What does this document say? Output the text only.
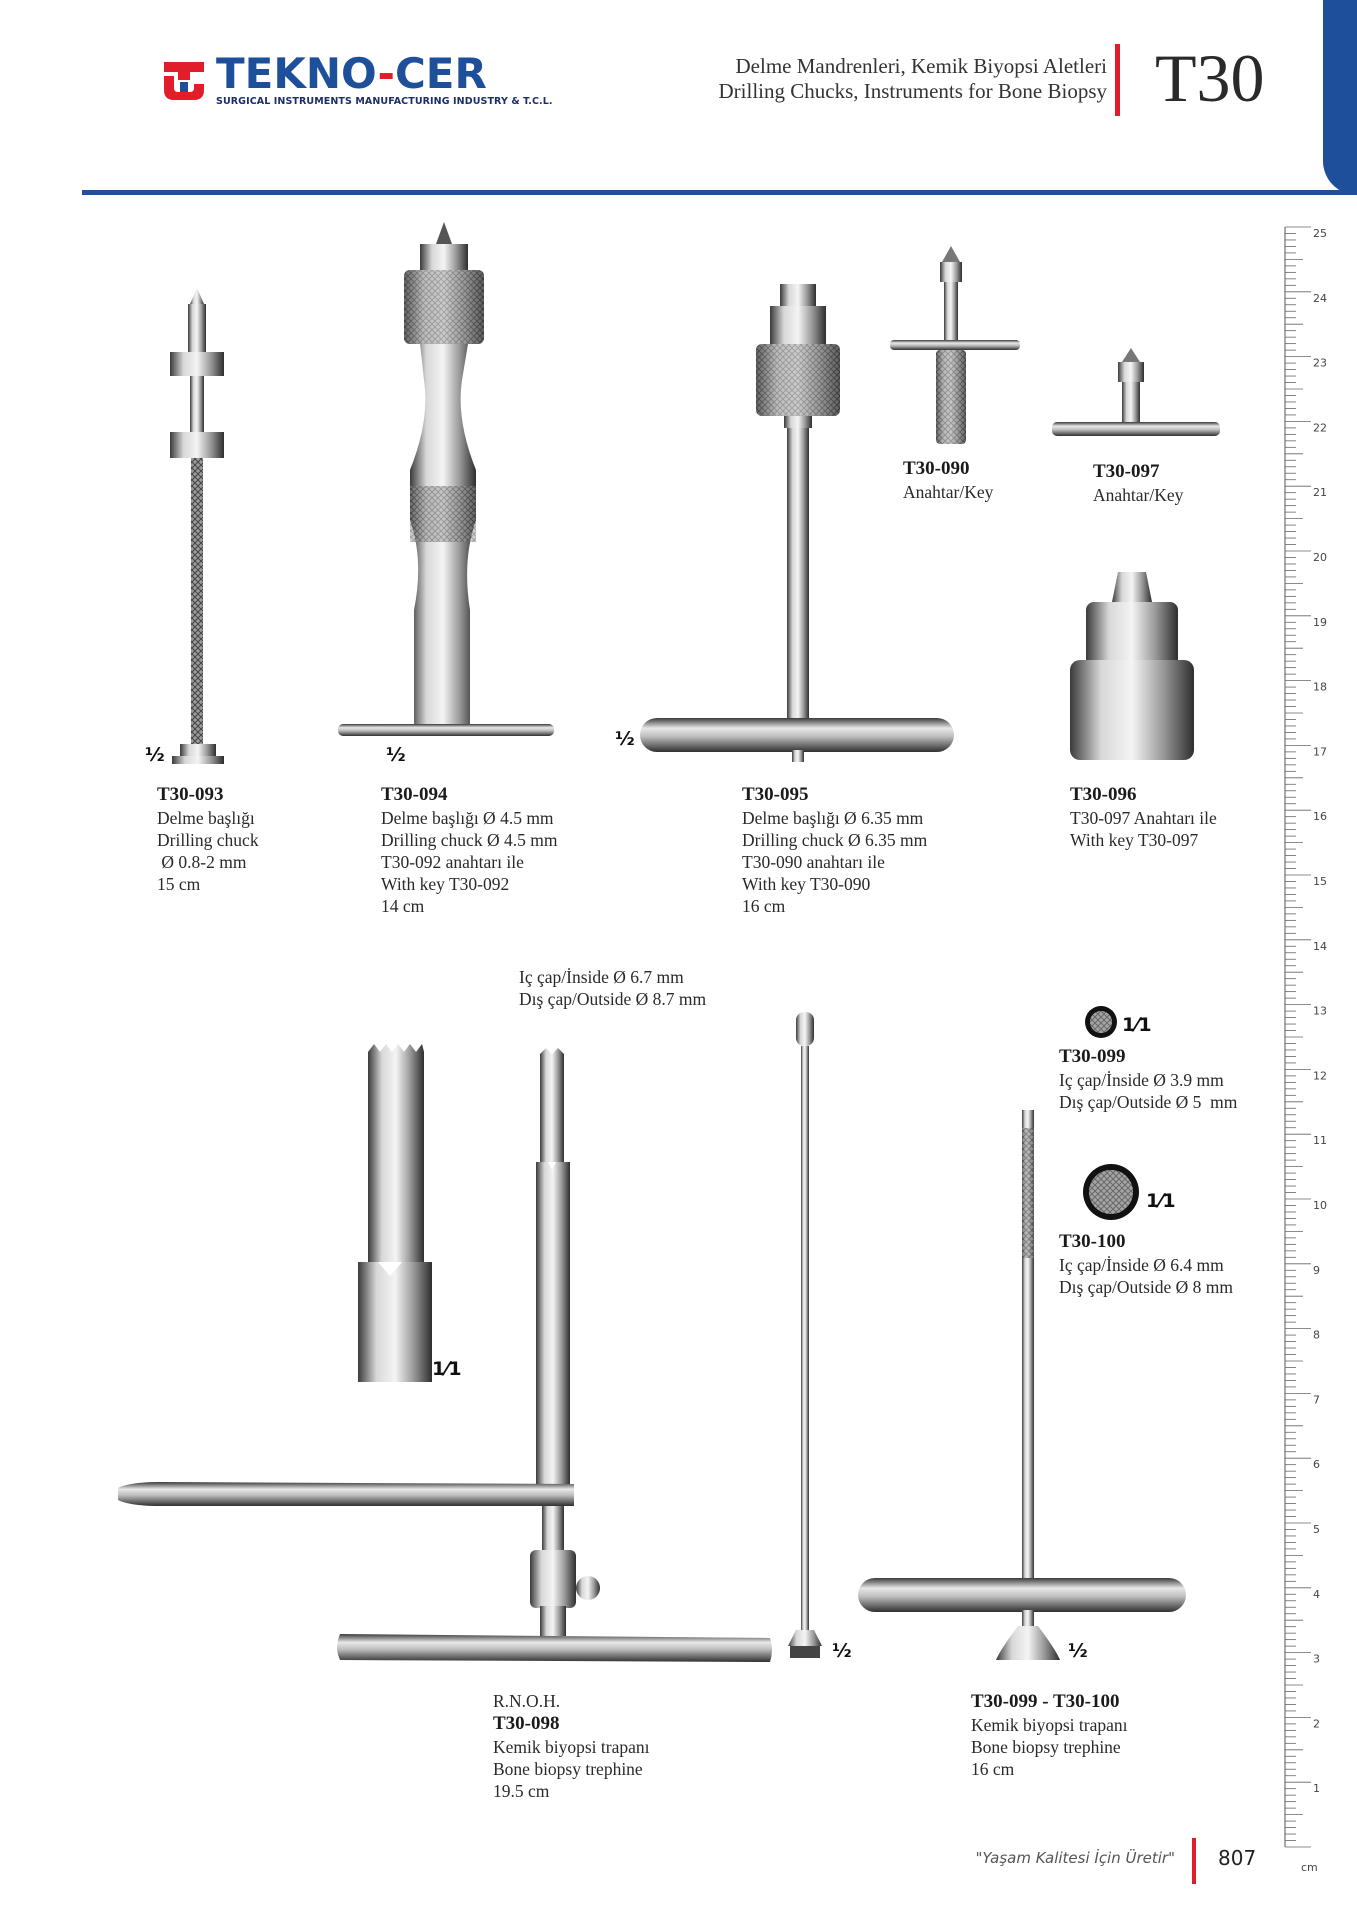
TEKNO-CER
SURGICAL INSTRUMENTS MANUFACTURING INDUSTRY & T.C.L.
Delme Mandrenleri, Kemik Biyopsi Aletleri
Drilling Chucks, Instruments for Bone Biopsy T30
25
24
23
22
21
20
19
18
17
16
15
14
13
12
11
10
9
8
7
6
5
4
3
2
1
cm
½	½
½
1⁄1
½
1⁄1
1⁄1
½
T30-093
Delme başlığı
Drilling chuck
Ø 0.8-2 mm
15 cm
T30-094
Delme başlığı Ø 4.5 mm
Drilling chuck Ø 4.5 mm
T30-092 anahtarı ile
With key T30-092
14 cm
T30-095
Delme başlığı Ø 6.35 mm
Drilling chuck Ø 6.35 mm
T30-090 anahtarı ile
With key T30-090
16 cm
T30-090
Anahtar/Key
T30-097
Anahtar/Key
T30-096
T30-097 Anahtarı ile
With key T30-097
Iç çap/İnside Ø 6.7 mm
Dış çap/Outside Ø 8.7 mm
T30-099
Iç çap/İnside Ø 3.9 mm
Dış çap/Outside Ø 5  mm
T30-100
Iç çap/İnside Ø 6.4 mm
Dış çap/Outside Ø 8 mm
R.N.O.H.
T30-098
Kemik biyopsi trapanı
Bone biopsy trephine
19.5 cm
T30-099 - T30-100
Kemik biyopsi trapanı
Bone biopsy trephine
16 cm
"Yaşam Kalitesi İçin Üretir" 807
